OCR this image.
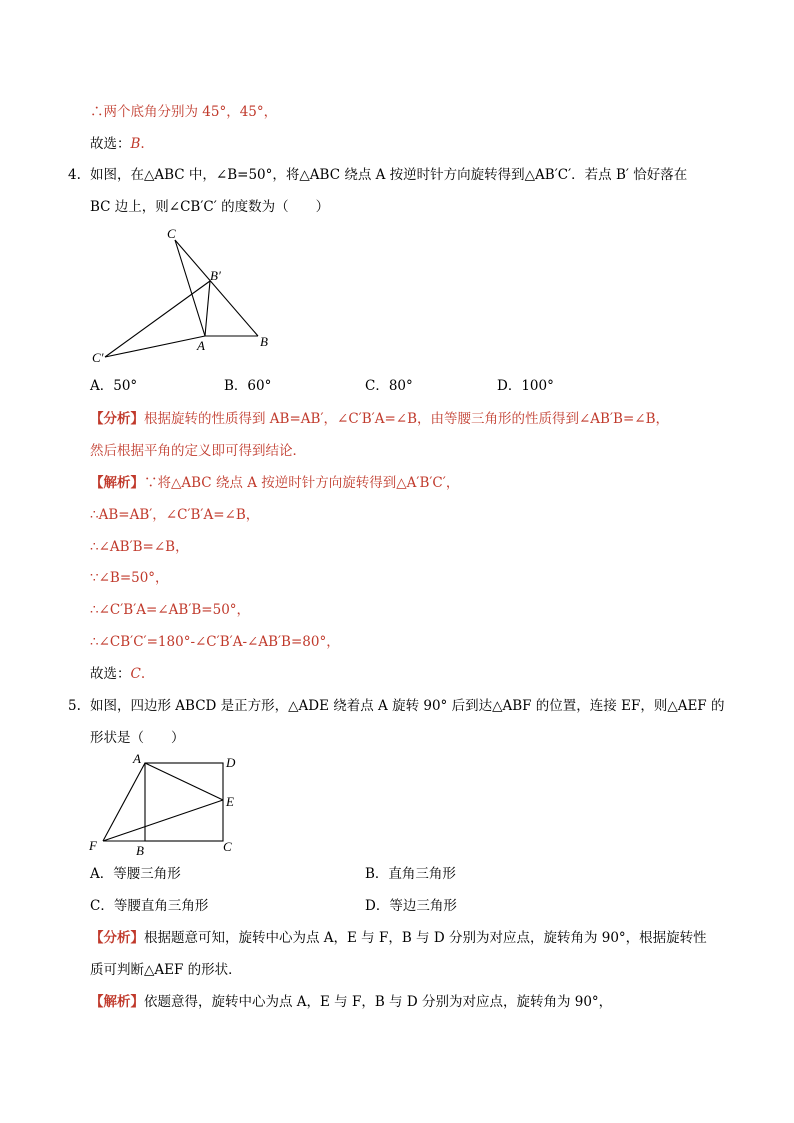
∴两个底角分别为 45°，45°，
故选：B.
4. 如图，在△ABC 中，∠B=50°，将△ABC 绕点 A 按逆时针方向旋转得到△AB′C′．若点 B′ 恰好落在
BC 边上，则∠CB′C′ 的度数为（　　）
C
B′
A	B
C′
A．50°	B．60°	C．80°	D．100°
【分析】根据旋转的性质得到 AB=AB′，∠C′B′A=∠B，由等腰三角形的性质得到∠AB′B=∠B，
然后根据平角的定义即可得到结论．
【解析】∵将△ABC 绕点 A 按逆时针方向旋转得到△A′B′C′，
∴AB=AB′，∠C′B′A=∠B，
∴∠AB′B=∠B，
∵∠B=50°，
∴∠C′B′A=∠AB′B=50°，
∴∠CB′C′=180°-∠C′B′A-∠AB′B=80°，
故选：C.
5. 如图，四边形 ABCD 是正方形，△ADE 绕着点 A 旋转 90° 后到达△ABF 的位置，连接 EF，则△AEF 的
形状是（　　）
A	D
E
F	B	C
A．等腰三角形	B．直角三角形
C．等腰直角三角形	D．等边三角形
【分析】根据题意可知，旋转中心为点 A，E 与 F，B 与 D 分别为对应点，旋转角为 90°，根据旋转性
质可判断△AEF 的形状．
【解析】依题意得，旋转中心为点 A，E 与 F，B 与 D 分别为对应点，旋转角为 90°，
